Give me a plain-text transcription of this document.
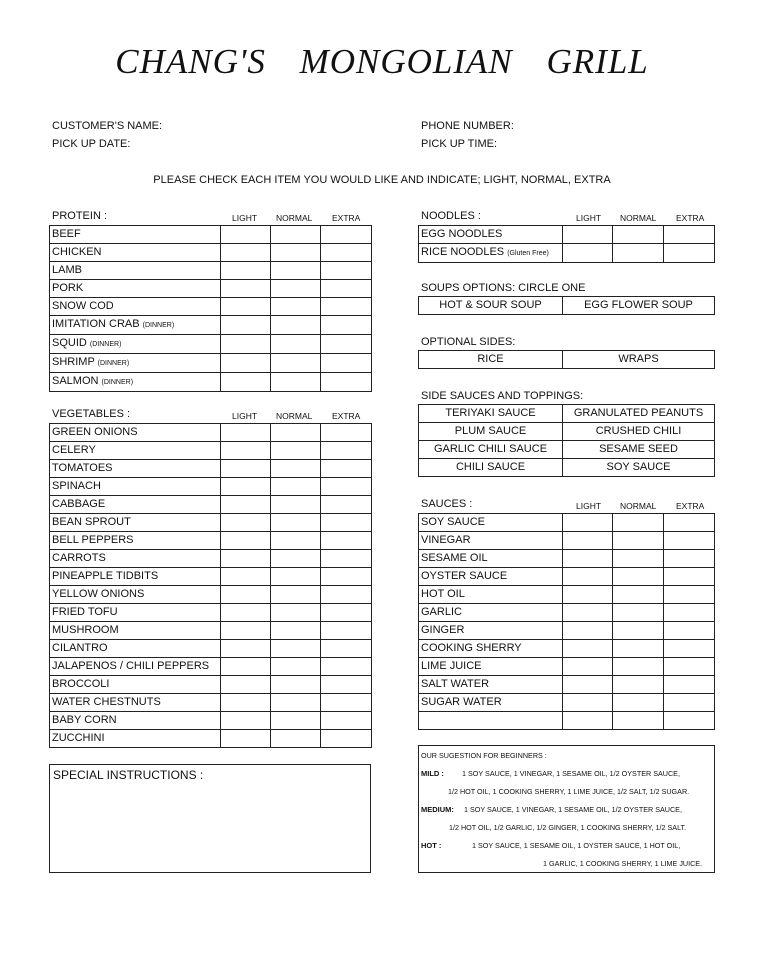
CHANG'S MONGOLIAN GRILL
CUSTOMER'S NAME:
PICK UP DATE:
PHONE NUMBER:
PICK UP TIME:
PLEASE CHECK EACH ITEM YOU WOULD LIKE AND INDICATE; LIGHT, NORMAL, EXTRA
PROTEIN :	LIGHT NORMAL EXTRA
BEEF			
CHICKEN			
LAMB			
PORK			
SNOW COD			
IMITATION CRAB (DINNER)			
SQUID (DINNER)			
SHRIMP (DINNER)			
SALMON (DINNER)			
VEGETABLES :	LIGHT NORMAL EXTRA
GREEN ONIONS			
CELERY			
TOMATOES			
SPINACH			
CABBAGE			
BEAN SPROUT			
BELL PEPPERS			
CARROTS			
PINEAPPLE TIDBITS			
YELLOW ONIONS			
FRIED TOFU			
MUSHROOM			
CILANTRO			
JALAPENOS / CHILI PEPPERS			
BROCCOLI			
WATER CHESTNUTS			
BABY CORN			
ZUCCHINI			
NOODLES :	LIGHT NORMAL EXTRA
EGG NOODLES			
RICE NOODLES (Gluten Free)			
SOUPS OPTIONS: CIRCLE ONE
HOT & SOUR SOUP	EGG FLOWER SOUP
OPTIONAL SIDES:
RICE	WRAPS
SIDE SAUCES AND TOPPINGS:
TERIYAKI SAUCE	GRANULATED PEANUTS
PLUM SAUCE	CRUSHED CHILI
GARLIC CHILI SAUCE	SESAME SEED
CHILI SAUCE	SOY SAUCE
SAUCES :	LIGHT NORMAL EXTRA
SOY SAUCE			
VINEGAR			
SESAME OIL			
OYSTER SAUCE			
HOT OIL			
GARLIC			
GINGER			
COOKING SHERRY			
LIME JUICE			
SALT WATER			
SUGAR WATER			

SPECIAL INSTRUCTIONS :
OUR SUGESTION FOR BEGINNERS :
MILD :	1 SOY SAUCE, 1 VINEGAR, 1 SESAME OIL, 1/2 OYSTER SAUCE,
1/2 HOT OIL, 1 COOKING SHERRY, 1 LIME JUICE, 1/2 SALT, 1/2 SUGAR.
MEDIUM: 1 SOY SAUCE, 1 VINEGAR, 1 SESAME OIL, 1/2 OYSTER SAUCE,
1/2 HOT OIL, 1/2 GARLIC, 1/2 GINGER, 1 COOKING SHERRY, 1/2 SALT.
HOT :	1 SOY SAUCE, 1 SESAME OIL, 1 OYSTER SAUCE, 1 HOT OIL,
1 GARLIC, 1 COOKING SHERRY, 1 LIME JUICE.
